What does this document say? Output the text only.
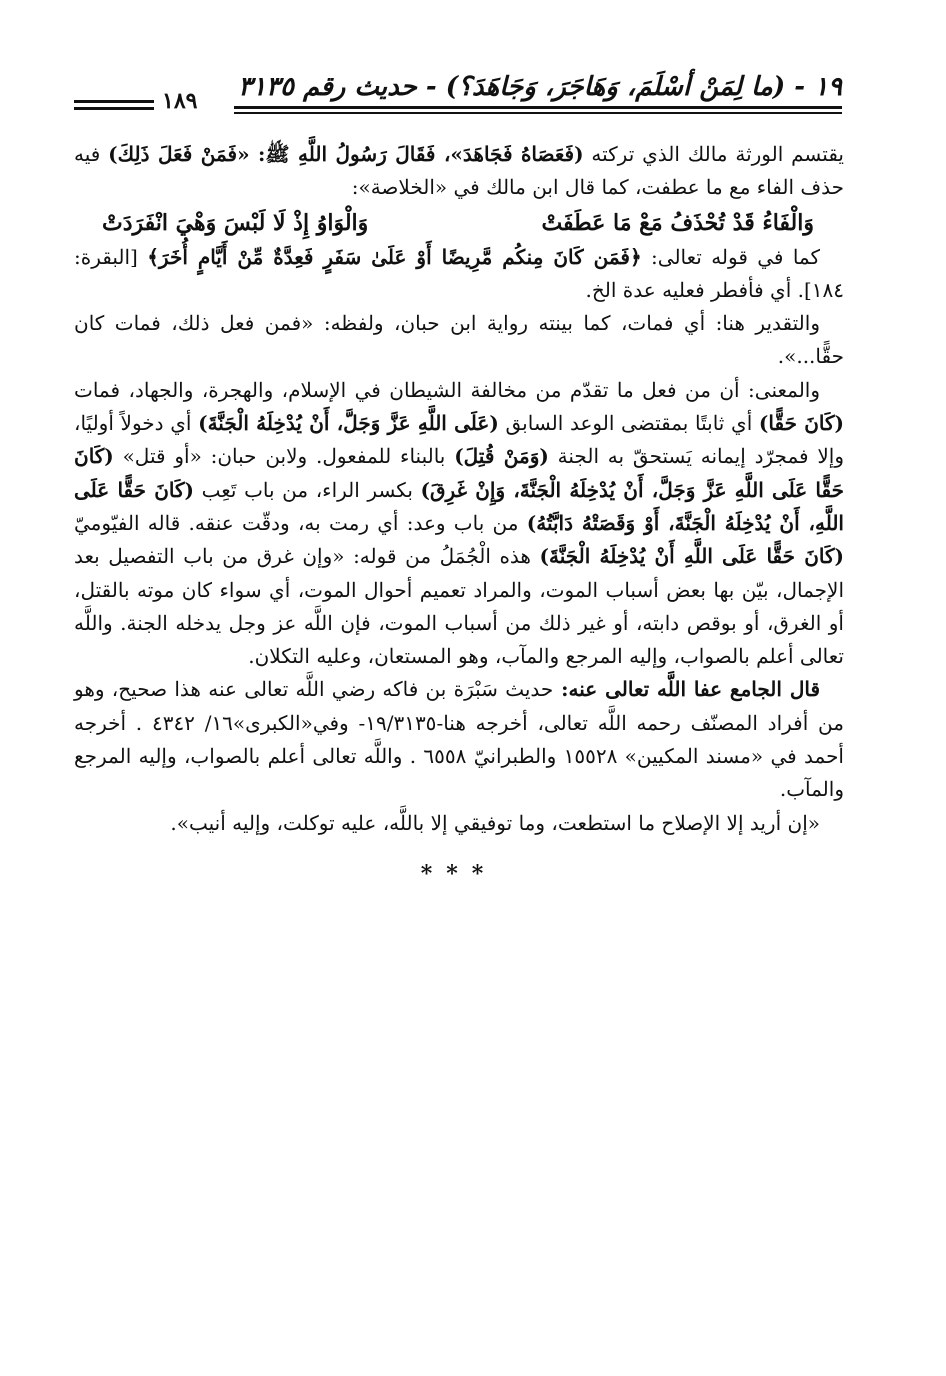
١٩ - (ما لِمَنْ أسْلَمَ، وَهَاجَرَ، وَجَاهَدَ؟) - حديث رقم ٣١٣٥
١٨٩

يقتسم الورثة مالك الذي تركته (فَعَصَاهُ فَجَاهَدَ»، فَقَالَ رَسُولُ اللَّهِ ﷺ: «فَمَنْ فَعَلَ ذَلِكَ) فيه حذف الفاء مع ما عطفت، كما قال ابن مالك في «الخلاصة»:

وَالْفَاءُ قَدْ تُحْذَفُ مَعْ مَا عَطَفَتْ
وَالْوَاوُ إِذْ لَا لَبْسَ وَهْيَ انْفَرَدَتْ

كما في قوله تعالى: ﴿فَمَن كَانَ مِنكُم مَّرِيضًا أَوْ عَلَىٰ سَفَرٍ فَعِدَّةٌ مِّنْ أَيَّامٍ أُخَرَ﴾ [البقرة: ١٨٤]. أي فأفطر فعليه عدة الخ.

والتقدير هنا: أي فمات، كما بينته رواية ابن حبان، ولفظه: «فمن فعل ذلك، فمات كان حقًّا...».

والمعنى: أن من فعل ما تقدّم من مخالفة الشيطان في الإسلام، والهجرة، والجهاد، فمات (كَانَ حَقًّا) أي ثابتًا بمقتضى الوعد السابق (عَلَى اللَّهِ عَزَّ وَجَلَّ، أَنْ يُدْخِلَهُ الْجَنَّةَ) أي دخولاً أوليًا، وإلا فمجرّد إيمانه يَستحقّ به الجنة (وَمَنْ قُتِلَ) بالبناء للمفعول. ولابن حبان: «أو قتل» (كَانَ حَقًّا عَلَى اللَّهِ عَزَّ وَجَلَّ، أَنْ يُدْخِلَهُ الْجَنَّةَ، وَإِنْ غَرِقَ) بكسر الراء، من باب تَعِب (كَانَ حَقًّا عَلَى اللَّهِ، أَنْ يُدْخِلَهُ الْجَنَّةَ، أَوْ وَقَصَتْهُ دَابَّتُهُ) من باب وعد: أي رمت به، ودقّت عنقه. قاله الفيّوميّ (كَانَ حَقًّا عَلَى اللَّهِ أَنْ يُدْخِلَهُ الْجَنَّةَ) هذه الْجُمَلُ من قوله: «وإن غرق من باب التفصيل بعد الإجمال، بيّن بها بعض أسباب الموت، والمراد تعميم أحوال الموت، أي سواء كان موته بالقتل، أو الغرق، أو بوقص دابته، أو غير ذلك من أسباب الموت، فإن اللَّه عز وجل يدخله الجنة. واللَّه تعالى أعلم بالصواب، وإليه المرجع والمآب، وهو المستعان، وعليه التكلان.

قال الجامع عفا اللَّه تعالى عنه: حديث سَبْرَة بن فاكه رضي اللَّه تعالى عنه هذا صحيح، وهو من أفراد المصنّف رحمه اللَّه تعالى، أخرجه هنا-١٩/٣١٣٥- وفي«الكبرى»١٦/ ٤٣٤٢ . أخرجه أحمد في «مسند المكيين» ١٥٥٢٨ والطبرانيّ ٦٥٥٨ . واللَّه تعالى أعلم بالصواب، وإليه المرجع والمآب.

«إن أريد إلا الإصلاح ما استطعت، وما توفيقي إلا باللَّه، عليه توكلت، وإليه أنيب».

***
